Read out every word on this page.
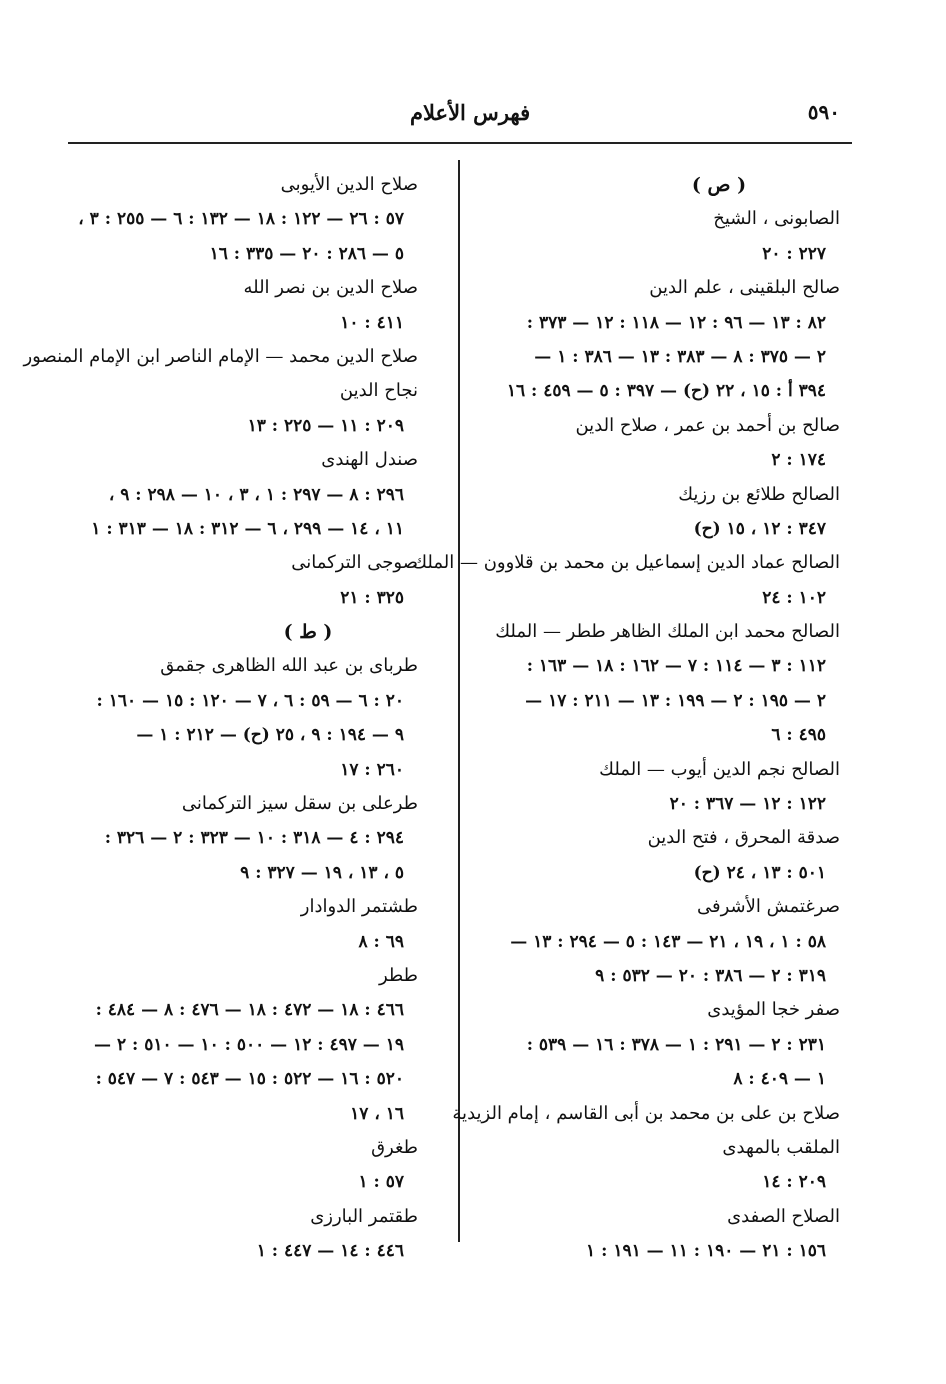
٥٩٠
فهرس الأعلام
( ص )
الصابونى ، الشيخ
٢٢٧ : ٢٠
صالح البلقينى ، علم الدين
٨٢ : ١٣ — ٩٦ : ١٢ — ١١٨ : ١٢ — ٣٧٣ :
٢ — ٣٧٥ : ٨ — ٣٨٣ : ١٣ — ٣٨٦ : ١ —
٣٩٤ أ : ١٥ ، ٢٢ (ح) — ٣٩٧ : ٥ — ٤٥٩ : ١٦
صالح بن أحمد بن عمر ، صلاح الدين
١٧٤ : ٢
الصالح طلائع بن رزيك
٣٤٧ : ١٢ ، ١٥ (ح)
الصالح عماد الدين إسماعيل بن محمد بن قلاوون — الملك
١٠٢ : ٢٤
الصالح محمد ابن الملك الظاهر ططر — الملك
١١٢ : ٣ — ١١٤ : ٧ — ١٦٢ : ١٨ — ١٦٣ :
٢ — ١٩٥ : ٢ — ١٩٩ : ١٣ — ٢١١ : ١٧ —
٤٩٥ : ٦
الصالح نجم الدين أيوب — الملك
١٢٢ : ١٢ — ٣٦٧ : ٢٠
صدقة المحرق ، فتح الدين
٥٠١ : ١٣ ، ٢٤ (ح)
صرغتمش الأشرفى
٥٨ : ١ ، ١٩ ، ٢١ — ١٤٣ : ٥ — ٢٩٤ : ١٣ —
٣١٩ : ٢ — ٣٨٦ : ٢٠ — ٥٣٢ : ٩
صفر خجا المؤيدى
٢٣١ : ٢ — ٢٩١ : ١ — ٣٧٨ : ١٦ — ٥٣٩ :
١ — ٤٠٩ : ٨
صلاح بن على بن محمد بن أبى القاسم ، إمام الزيدية
الملقب بالمهدى
٢٠٩ : ١٤
الصلاح الصفدى
١٥٦ : ٢١ — ١٩٠ : ١١ — ١٩١ : ١
صلاح الدين الأيوبى
٥٧ : ٢٦ — ١٢٢ : ١٨ — ١٣٢ : ٦ — ٢٥٥ : ٣ ،
٥ — ٢٨٦ : ٢٠ — ٣٣٥ : ١٦
صلاح الدين بن نصر الله
٤١١ : ١٠
صلاح الدين محمد — الإمام الناصر ابن الإمام المنصور
نجاح الدين
٢٠٩ : ١١ — ٢٢٥ : ١٣
صندل الهندى
٢٩٦ : ٨ — ٢٩٧ : ١ ، ٣ ، ١٠ — ٢٩٨ : ٩ ،
١١ ، ١٤ — ٢٩٩ ، ٦ — ٣١٢ : ١٨ — ٣١٣ : ١
صوجى التركمانى
٣٢٥ : ٢١
( ط )
طرباى بن عبد الله الظاهرى جقمق
٢٠ : ٦ — ٥٩ : ٦ ، ٧ — ١٢٠ : ١٥ — ١٦٠ :
٩ — ١٩٤ : ٩ ، ٢٥ (ح) — ٢١٢ : ١ —
٢٦٠ : ١٧
طرعلى بن سقل سيز التركمانى
٢٩٤ : ٤ — ٣١٨ : ١٠ — ٣٢٣ : ٢ — ٣٢٦ :
٥ ، ١٣ ، ١٩ — ٣٢٧ : ٩
طشتمر الدوادار
٦٩ : ٨
ططر
٤٦٦ : ١٨ — ٤٧٢ : ١٨ — ٤٧٦ : ٨ — ٤٨٤ :
١٩ — ٤٩٧ : ١٢ — ٥٠٠ : ١٠ — ٥١٠ : ٢ —
٥٢٠ : ١٦ — ٥٢٢ : ١٥ — ٥٤٣ : ٧ — ٥٤٧ :
١٦ ، ١٧
طغرق
٥٧ : ١
طقتمر البارزى
٤٤٦ : ١٤ — ٤٤٧ : ١
